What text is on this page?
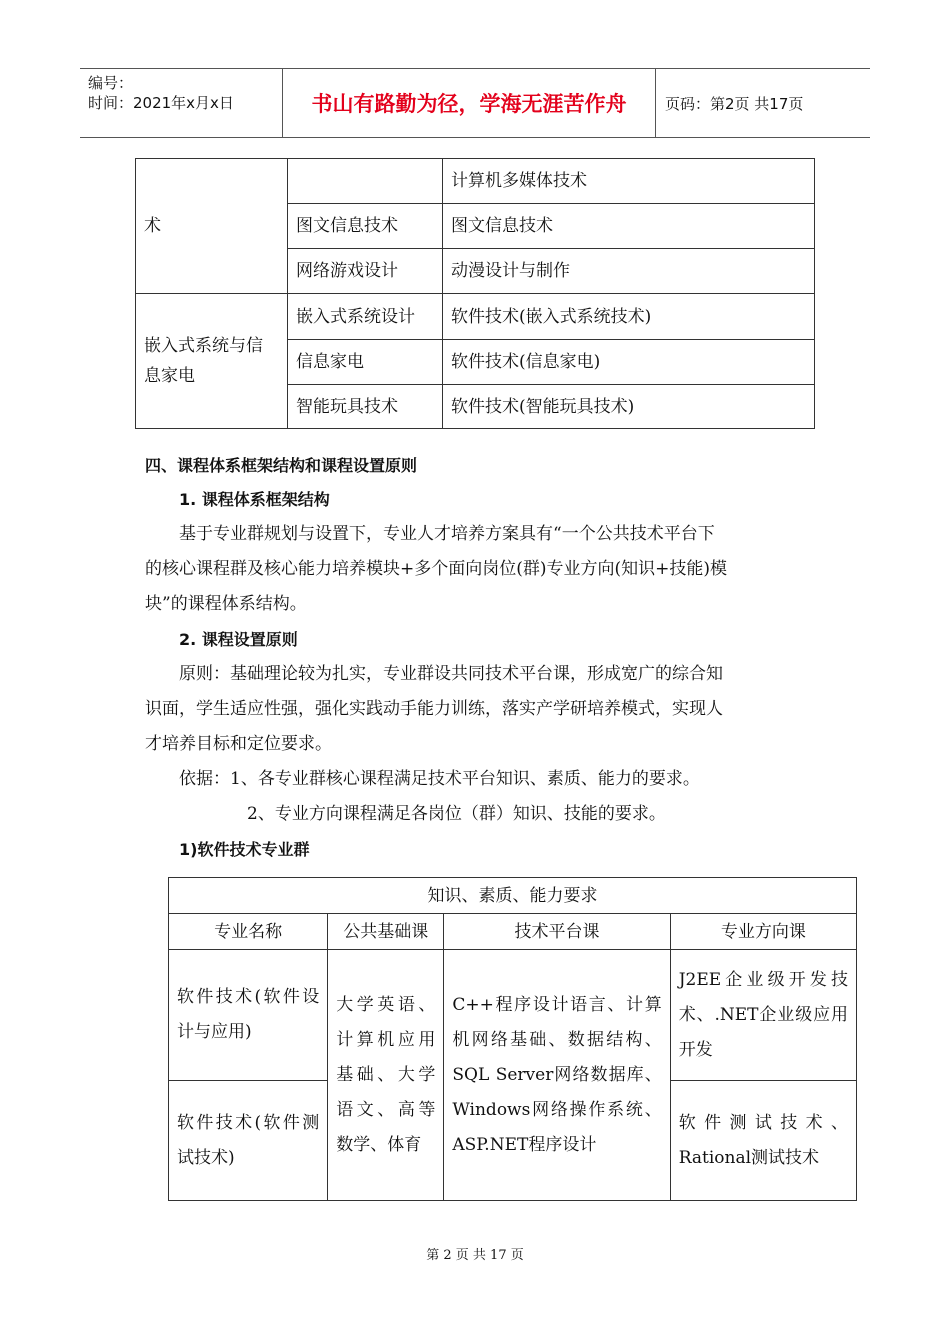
编号：
时间：2021年x月x日	书山有路勤为径，学海无涯苦作舟	页码：第2页 共17页
术		计算机多媒体技术
	图文信息技术	图文信息技术
	网络游戏设计	动漫设计与制作
嵌入式系统与信息家电	嵌入式系统设计	软件技术(嵌入式系统技术)
	信息家电	软件技术(信息家电)
	智能玩具技术	软件技术(智能玩具技术)
四、课程体系框架结构和课程设置原则
1. 课程体系框架结构
基于专业群规划与设置下，专业人才培养方案具有“一个公共技术平台下
的核心课程群及核心能力培养模块+多个面向岗位(群)专业方向(知识+技能)模
块”的课程体系结构。
2. 课程设置原则
原则：基础理论较为扎实，专业群设共同技术平台课，形成宽广的综合知
识面，学生适应性强，强化实践动手能力训练，落实产学研培养模式，实现人
才培养目标和定位要求。
依据：1、各专业群核心课程满足技术平台知识、素质、能力的要求。
2、专业方向课程满足各岗位（群）知识、技能的要求。
1)软件技术专业群
知识、素质、能力要求			
专业名称	公共基础课	技术平台课	专业方向课
软件技术(软件设计与应用)	大学英语、计算机应用基础、大学语文、高等数学、体育	C++程序设计语言、计算机网络基础、数据结构、SQL Server网络数据库、Windows网络操作系统、ASP.NET程序设计	J2EE企业级开发技术、.NET企业级应用开发
软件技术(软件测试技术)			软件测试技术、Rational测试技术
第 2 页 共 17 页
